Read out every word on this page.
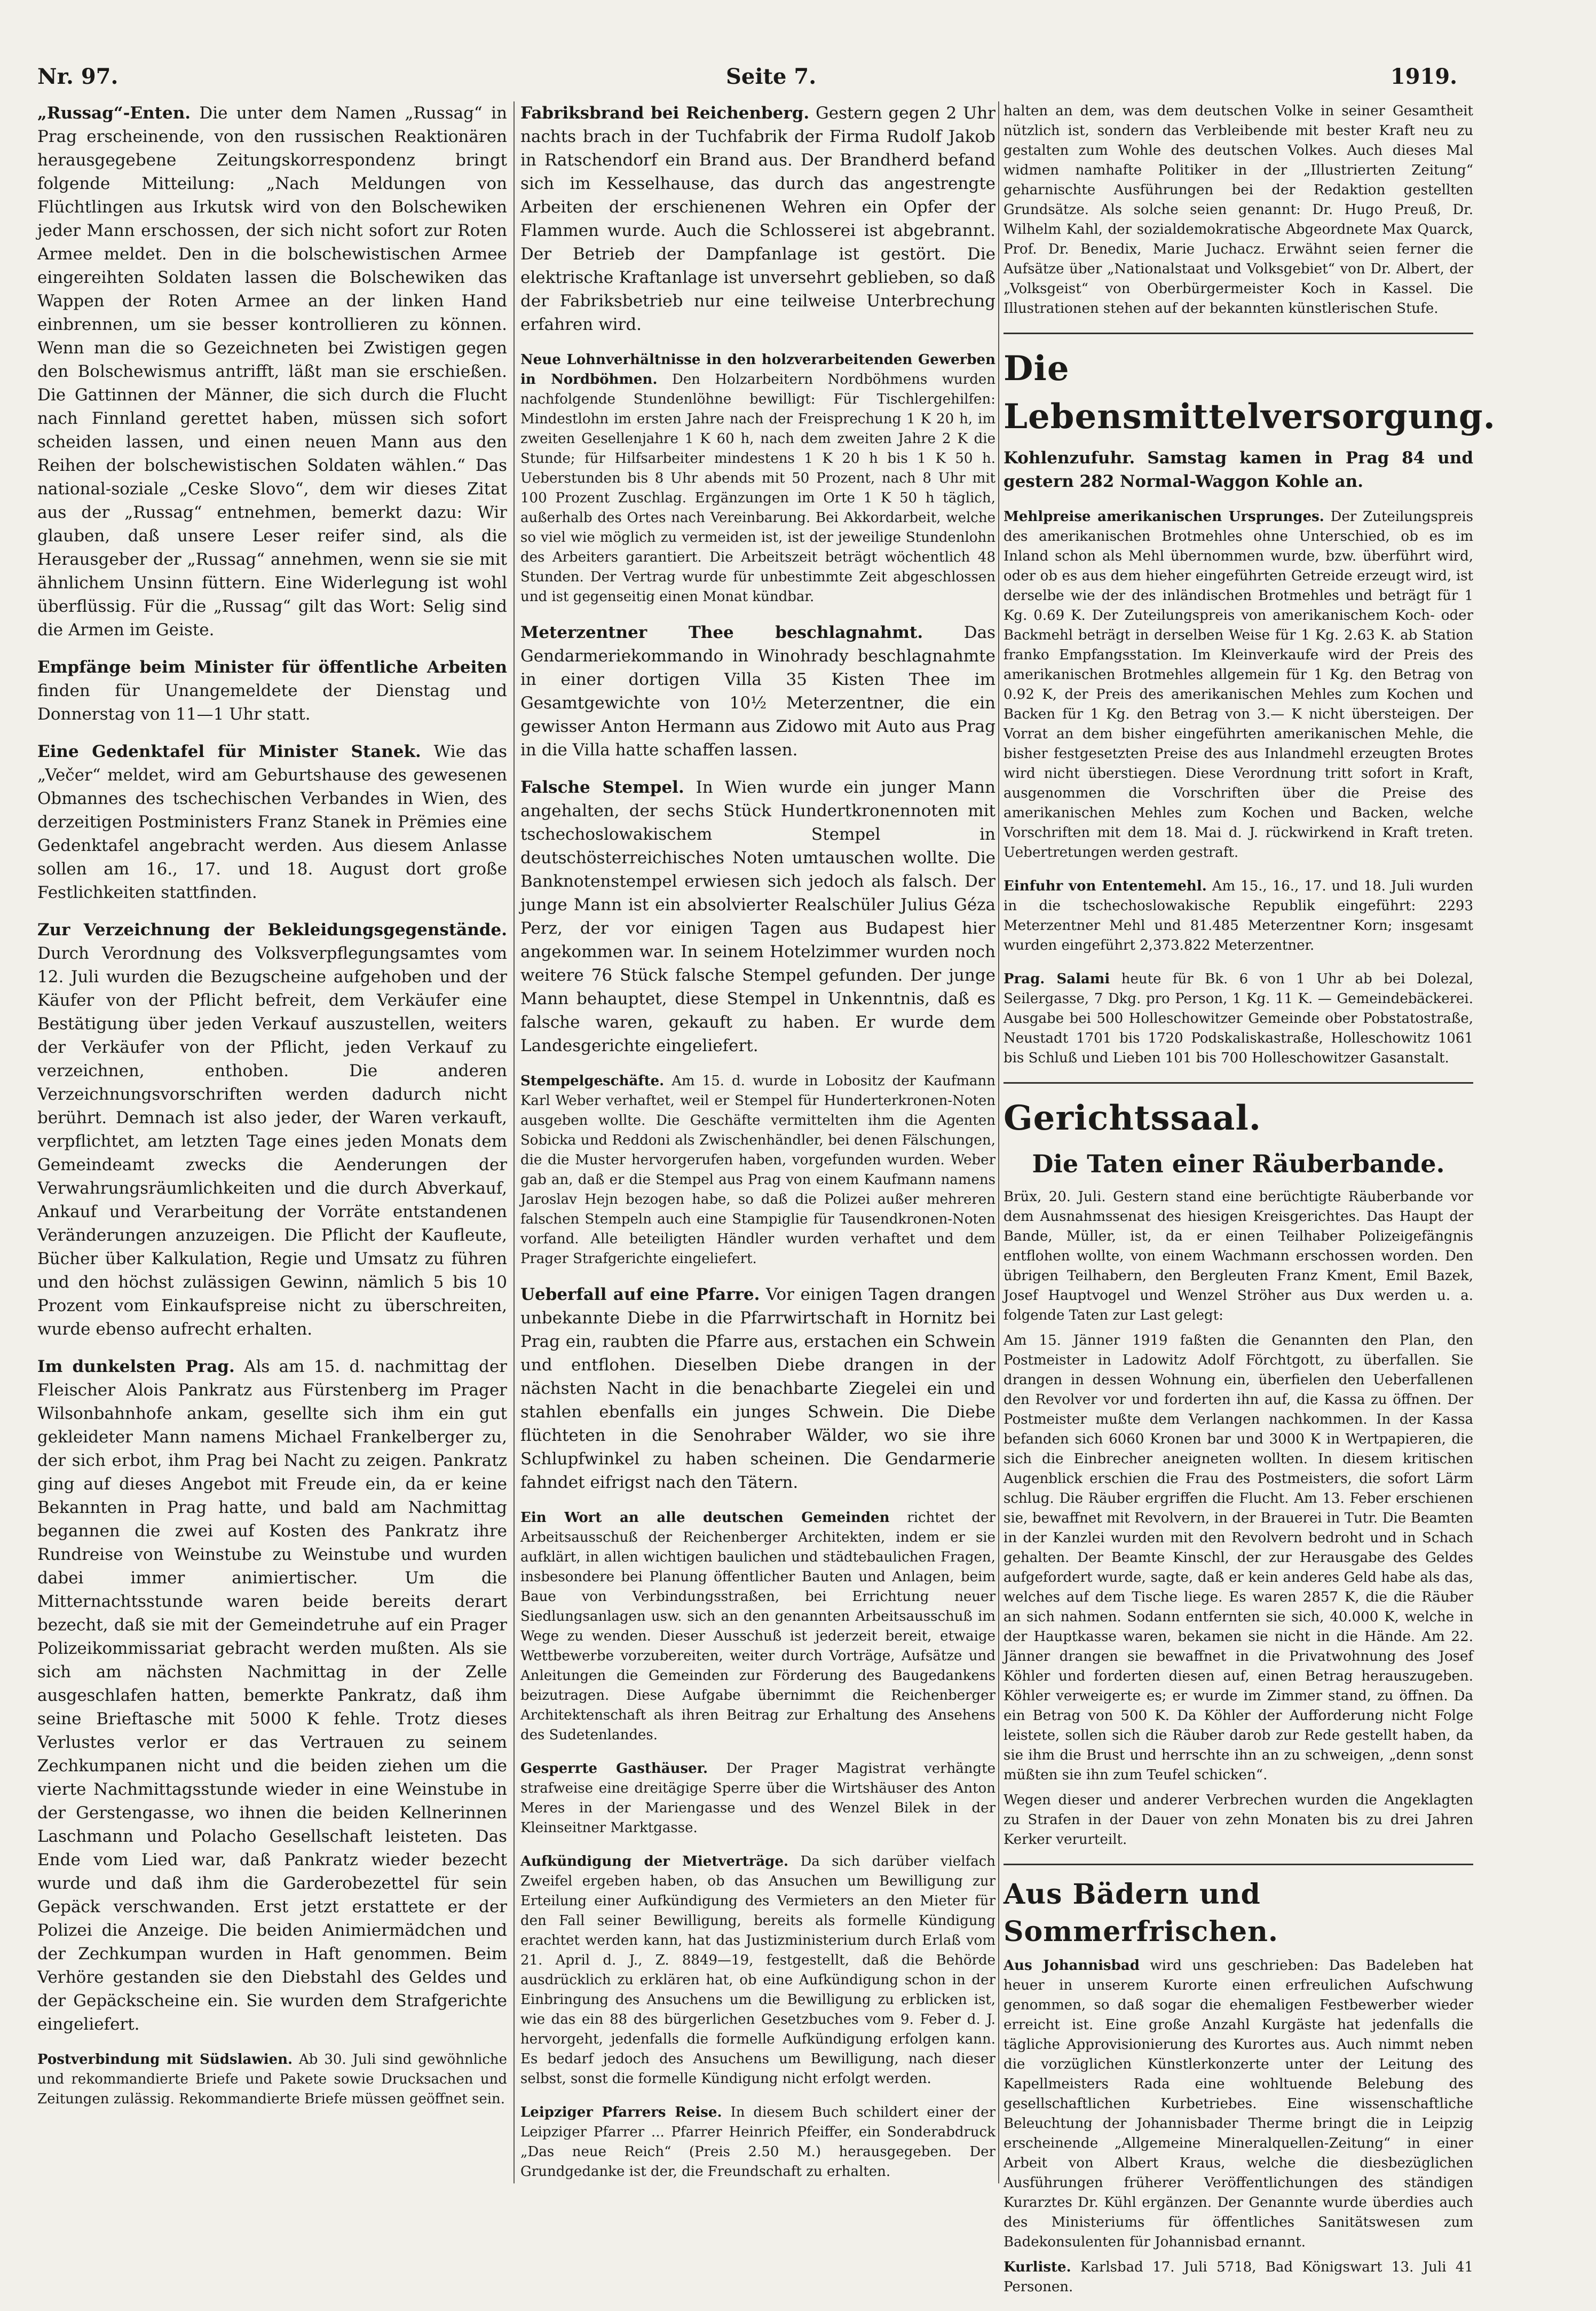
Nr. 97.	Seite 7.	1919.

„Russag“-Enten. Die unter dem Namen „Russag“ in Prag erscheinende, von den russischen Reaktionären herausgegebene Zeitungskorrespondenz bringt folgende Mitteilung: „Nach Meldungen von Flüchtlingen aus Irkutsk wird von den Bolschewiken jeder Mann erschossen, der sich nicht sofort zur Roten Armee meldet. Den in die bolschewistischen Armee eingereihten Soldaten lassen die Bolschewiken das Wappen der Roten Armee an der linken Hand einbrennen, um sie besser kontrollieren zu können. Wenn man die so Gezeichneten bei Zwistigen gegen den Bolschewismus antrifft, läßt man sie erschießen. Die Gattinnen der Männer, die sich durch die Flucht nach Finnland gerettet haben, müssen sich sofort scheiden lassen, und einen neuen Mann aus den Reihen der bolschewistischen Soldaten wählen.“ Das national-soziale „Ceske Slovo“, dem wir dieses Zitat aus der „Russag“ entnehmen, bemerkt dazu: Wir glauben, daß unsere Leser reifer sind, als die Herausgeber der „Russag“ annehmen, wenn sie sie mit ähnlichem Unsinn füttern. Eine Widerlegung ist wohl überflüssig. Für die „Russag“ gilt das Wort: Selig sind die Armen im Geiste.

Empfänge beim Minister für öffentliche Arbeiten finden für Unangemeldete der Dienstag und Donnerstag von 11—1 Uhr statt.

Eine Gedenktafel für Minister Stanek. Wie das „Večer“ meldet, wird am Geburtshause des gewesenen Obmannes des tschechischen Verbandes in Wien, des derzeitigen Postministers Franz Stanek in Prëmies eine Gedenktafel angebracht werden. Aus diesem Anlasse sollen am 16., 17. und 18. August dort große Festlichkeiten stattfinden.

Zur Verzeichnung der Bekleidungsgegenstände. Durch Verordnung des Volksverpflegungsamtes vom 12. Juli wurden die Bezugscheine aufgehoben und der Käufer von der Pflicht befreit, dem Verkäufer eine Bestätigung über jeden Verkauf auszustellen, weiters der Verkäufer von der Pflicht, jeden Verkauf zu verzeichnen, enthoben. Die anderen Verzeichnungsvorschriften werden dadurch nicht berührt. Demnach ist also jeder, der Waren verkauft, verpflichtet, am letzten Tage eines jeden Monats dem Gemeindeamt zwecks die Aenderungen der Verwahrungsräumlichkeiten und die durch Abverkauf, Ankauf und Verarbeitung der Vorräte entstandenen Veränderungen anzuzeigen. Die Pflicht der Kaufleute, Bücher über Kalkulation, Regie und Umsatz zu führen und den höchst zulässigen Gewinn, nämlich 5 bis 10 Prozent vom Einkaufspreise nicht zu überschreiten, wurde ebenso aufrecht erhalten.

Im dunkelsten Prag. Als am 15. d. nachmittag der Fleischer Alois Pankratz aus Fürstenberg im Prager Wilsonbahnhofe ankam, gesellte sich ihm ein gut gekleideter Mann namens Michael Frankelberger zu, der sich erbot, ihm Prag bei Nacht zu zeigen. Pankratz ging auf dieses Angebot mit Freude ein, da er keine Bekannten in Prag hatte, und bald am Nachmittag begannen die zwei auf Kosten des Pankratz ihre Rundreise von Weinstube zu Weinstube und wurden dabei immer animiertischer. Um die Mitternachtsstunde waren beide bereits derart bezecht, daß sie mit der Gemeindetruhe auf ein Prager Polizeikommissariat gebracht werden mußten. Als sie sich am nächsten Nachmittag in der Zelle ausgeschlafen hatten, bemerkte Pankratz, daß ihm seine Brieftasche mit 5000 K fehle. Trotz dieses Verlustes verlor er das Vertrauen zu seinem Zechkumpanen nicht und die beiden ziehen um die vierte Nachmittagsstunde wieder in eine Weinstube in der Gerstengasse, wo ihnen die beiden Kellnerinnen Laschmann und Polacho Gesellschaft leisteten. Das Ende vom Lied war, daß Pankratz wieder bezecht wurde und daß ihm die Garderobezettel für sein Gepäck verschwanden. Erst jetzt erstattete er der Polizei die Anzeige. Die beiden Animiermädchen und der Zechkumpan wurden in Haft genommen. Beim Verhöre gestanden sie den Diebstahl des Geldes und der Gepäckscheine ein. Sie wurden dem Strafgerichte eingeliefert.

Postverbindung mit Südslawien. Ab 30. Juli sind gewöhnliche und rekommandierte Briefe und Pakete sowie Drucksachen und Zeitungen zulässig. Rekommandierte Briefe müssen geöffnet sein.

Fabriksbrand bei Reichenberg. Gestern gegen 2 Uhr nachts brach in der Tuchfabrik der Firma Rudolf Jakob in Ratschendorf ein Brand aus. Der Brandherd befand sich im Kesselhause, das durch das angestrengte Arbeiten der erschienenen Wehren ein Opfer der Flammen wurde. Auch die Schlosserei ist abgebrannt. Der Betrieb der Dampfanlage ist gestört. Die elektrische Kraftanlage ist unversehrt geblieben, so daß der Fabriksbetrieb nur eine teilweise Unterbrechung erfahren wird.

Neue Lohnverhältnisse in den holzverarbeitenden Gewerben in Nordböhmen. Den Holzarbeitern Nordböhmens wurden nachfolgende Stundenlöhne bewilligt: Für Tischlergehilfen: Mindestlohn im ersten Jahre nach der Freisprechung 1 K 20 h, im zweiten Gesellenjahre 1 K 60 h, nach dem zweiten Jahre 2 K die Stunde; für Hilfsarbeiter mindestens 1 K 20 h bis 1 K 50 h. Ueberstunden bis 8 Uhr abends mit 50 Prozent, nach 8 Uhr mit 100 Prozent Zuschlag. Ergänzungen im Orte 1 K 50 h täglich, außerhalb des Ortes nach Vereinbarung. Bei Akkordarbeit, welche so viel wie möglich zu vermeiden ist, ist der jeweilige Stundenlohn des Arbeiters garantiert. Die Arbeitszeit beträgt wöchentlich 48 Stunden. Der Vertrag wurde für unbestimmte Zeit abgeschlossen und ist gegenseitig einen Monat kündbar.

Meterzentner Thee beschlagnahmt. Das Gendarmeriekommando in Winohrady beschlagnahmte in einer dortigen Villa 35 Kisten Thee im Gesamtgewichte von 10½ Meterzentner, die ein gewisser Anton Hermann aus Zidowo mit Auto aus Prag in die Villa hatte schaffen lassen.

Falsche Stempel. In Wien wurde ein junger Mann angehalten, der sechs Stück Hundertkronennoten mit tschechoslowakischem Stempel in deutschösterreichisches Noten umtauschen wollte. Die Banknotenstempel erwiesen sich jedoch als falsch. Der junge Mann ist ein absolvierter Realschüler Julius Géza Perz, der vor einigen Tagen aus Budapest hier angekommen war. In seinem Hotelzimmer wurden noch weitere 76 Stück falsche Stempel gefunden. Der junge Mann behauptet, diese Stempel in Unkenntnis, daß es falsche waren, gekauft zu haben. Er wurde dem Landesgerichte eingeliefert.

Stempelgeschäfte. Am 15. d. wurde in Lobositz der Kaufmann Karl Weber verhaftet, weil er Stempel für Hunderterkronen-Noten ausgeben wollte. Die Geschäfte vermittelten ihm die Agenten Sobicka und Reddoni als Zwischenhändler, bei denen Fälschungen, die die Muster hervorgerufen haben, vorgefunden wurden. Weber gab an, daß er die Stempel aus Prag von einem Kaufmann namens Jaroslav Hejn bezogen habe, so daß die Polizei außer mehreren falschen Stempeln auch eine Stampiglie für Tausendkronen-Noten vorfand. Alle beteiligten Händler wurden verhaftet und dem Prager Strafgerichte eingeliefert.

Ueberfall auf eine Pfarre. Vor einigen Tagen drangen unbekannte Diebe in die Pfarrwirtschaft in Hornitz bei Prag ein, raubten die Pfarre aus, erstachen ein Schwein und entflohen. Dieselben Diebe drangen in der nächsten Nacht in die benachbarte Ziegelei ein und stahlen ebenfalls ein junges Schwein. Die Diebe flüchteten in die Senohraber Wälder, wo sie ihre Schlupfwinkel zu haben scheinen. Die Gendarmerie fahndet eifrigst nach den Tätern.

Ein Wort an alle deutschen Gemeinden richtet der Arbeitsausschuß der Reichenberger Architekten, indem er sie aufklärt, in allen wichtigen baulichen und städtebaulichen Fragen, insbesondere bei Planung öffentlicher Bauten und Anlagen, beim Baue von Verbindungsstraßen, bei Errichtung neuer Siedlungsanlagen usw. sich an den genannten Arbeitsausschuß im Wege zu wenden. Dieser Ausschuß ist jederzeit bereit, etwaige Wettbewerbe vorzubereiten, weiter durch Vorträge, Aufsätze und Anleitungen die Gemeinden zur Förderung des Baugedankens beizutragen. Diese Aufgabe übernimmt die Reichenberger Architektenschaft als ihren Beitrag zur Erhaltung des Ansehens des Sudetenlandes.

Gesperrte Gasthäuser. Der Prager Magistrat verhängte strafweise eine dreitägige Sperre über die Wirtshäuser des Anton Meres in der Mariengasse und des Wenzel Bilek in der Kleinseitner Marktgasse.

Aufkündigung der Mietverträge. Da sich darüber vielfach Zweifel ergeben haben, ob das Ansuchen um Bewilligung zur Erteilung einer Aufkündigung des Vermieters an den Mieter für den Fall seiner Bewilligung, bereits als formelle Kündigung erachtet werden kann, hat das Justizministerium durch Erlaß vom 21. April d. J., Z. 8849—19, festgestellt, daß die Behörde ausdrücklich zu erklären hat, ob eine Aufkündigung schon in der Einbringung des Ansuchens um die Bewilligung zu erblicken ist, wie das ein 88 des bürgerlichen Gesetzbuches vom 9. Feber d. J. hervorgeht, jedenfalls die formelle Aufkündigung erfolgen kann. Es bedarf jedoch des Ansuchens um Bewilligung, nach dieser selbst, sonst die formelle Kündigung nicht erfolgt werden.

Leipziger Pfarrers Reise. In diesem Buch schildert einer der Leipziger Pfarrer ... Pfarrer Heinrich Pfeiffer, ein Sonderabdruck „Das neue Reich“ (Preis 2.50 M.) herausgegeben. Der Grundgedanke ist der, die Freundschaft zu erhalten.

halten an dem, was dem deutschen Volke in seiner Gesamtheit nützlich ist, sondern das Verbleibende mit bester Kraft neu zu gestalten zum Wohle des deutschen Volkes. Auch dieses Mal widmen namhafte Politiker in der „Illustrierten Zeitung“ geharnischte Ausführungen bei der Redaktion gestellten Grundsätze. Als solche seien genannt: Dr. Hugo Preuß, Dr. Wilhelm Kahl, der sozialdemokratische Abgeordnete Max Quarck, Prof. Dr. Benedix, Marie Juchacz. Erwähnt seien ferner die Aufsätze über „Nationalstaat und Volksgebiet“ von Dr. Albert, der „Volksgeist“ von Oberbürgermeister Koch in Kassel. Die Illustrationen stehen auf der bekannten künstlerischen Stufe.

Die Lebensmittelversorgung.

Kohlenzufuhr. Samstag kamen in Prag 84 und gestern 282 Normal-Waggon Kohle an.

Mehlpreise amerikanischen Ursprunges. Der Zuteilungspreis des amerikanischen Brotmehles ohne Unterschied, ob es im Inland schon als Mehl übernommen wurde, bzw. überführt wird, oder ob es aus dem hieher eingeführten Getreide erzeugt wird, ist derselbe wie der des inländischen Brotmehles und beträgt für 1 Kg. 0.69 K. Der Zuteilungspreis von amerikanischem Koch- oder Backmehl beträgt in derselben Weise für 1 Kg. 2.63 K. ab Station franko Empfangsstation. Im Kleinverkaufe wird der Preis des amerikanischen Brotmehles allgemein für 1 Kg. den Betrag von 0.92 K, der Preis des amerikanischen Mehles zum Kochen und Backen für 1 Kg. den Betrag von 3.— K nicht übersteigen. Der Vorrat an dem bisher eingeführten amerikanischen Mehle, die bisher festgesetzten Preise des aus Inlandmehl erzeugten Brotes wird nicht überstiegen. Diese Verordnung tritt sofort in Kraft, ausgenommen die Vorschriften über die Preise des amerikanischen Mehles zum Kochen und Backen, welche Vorschriften mit dem 18. Mai d. J. rückwirkend in Kraft treten. Uebertretungen werden gestraft.

Einfuhr von Ententemehl. Am 15., 16., 17. und 18. Juli wurden in die tschechoslowakische Republik eingeführt: 2293 Meterzentner Mehl und 81.485 Meterzentner Korn; insgesamt wurden eingeführt 2,373.822 Meterzentner.

Prag. Salami heute für Bk. 6 von 1 Uhr ab bei Dolezal, Seilergasse, 7 Dkg. pro Person, 1 Kg. 11 K. — Gemeindebäckerei. Ausgabe bei 500 Holleschowitzer Gemeinde ober Pobstatostraße, Neustadt 1701 bis 1720 Podskaliskastraße, Holleschowitz 1061 bis Schluß und Lieben 101 bis 700 Holleschowitzer Gasanstalt.

Gerichtssaal.
Die Taten einer Räuberbande.

Brüx, 20. Juli. Gestern stand eine berüchtigte Räuberbande vor dem Ausnahmssenat des hiesigen Kreisgerichtes. Das Haupt der Bande, Müller, ist, da er einen Teilhaber Polizeigefängnis entflohen wollte, von einem Wachmann erschossen worden. Den übrigen Teilhabern, den Bergleuten Franz Kment, Emil Bazek, Josef Hauptvogel und Wenzel Ströher aus Dux werden u. a. folgende Taten zur Last gelegt:

Am 15. Jänner 1919 faßten die Genannten den Plan, den Postmeister in Ladowitz Adolf Förchtgott, zu überfallen. Sie drangen in dessen Wohnung ein, überfielen den Ueberfallenen den Revolver vor und forderten ihn auf, die Kassa zu öffnen. Der Postmeister mußte dem Verlangen nachkommen. In der Kassa befanden sich 6060 Kronen bar und 3000 K in Wertpapieren, die sich die Einbrecher aneigneten wollten. In diesem kritischen Augenblick erschien die Frau des Postmeisters, die sofort Lärm schlug. Die Räuber ergriffen die Flucht. Am 13. Feber erschienen sie, bewaffnet mit Revolvern, in der Brauerei in Tutr. Die Beamten in der Kanzlei wurden mit den Revolvern bedroht und in Schach gehalten. Der Beamte Kinschl, der zur Herausgabe des Geldes aufgefordert wurde, sagte, daß er kein anderes Geld habe als das, welches auf dem Tische liege. Es waren 2857 K, die die Räuber an sich nahmen. Sodann entfernten sie sich, 40.000 K, welche in der Hauptkasse waren, bekamen sie nicht in die Hände. Am 22. Jänner drangen sie bewaffnet in die Privatwohnung des Josef Köhler und forderten diesen auf, einen Betrag herauszugeben. Köhler verweigerte es; er wurde im Zimmer stand, zu öffnen. Da ein Betrag von 500 K. Da Köhler der Aufforderung nicht Folge leistete, sollen sich die Räuber darob zur Rede gestellt haben, da sie ihm die Brust und herrschte ihn an zu schweigen, „denn sonst müßten sie ihn zum Teufel schicken“.

Wegen dieser und anderer Verbrechen wurden die Angeklagten zu Strafen in der Dauer von zehn Monaten bis zu drei Jahren Kerker verurteilt.

Aus Bädern und Sommerfrischen.

Aus Johannisbad wird uns geschrieben: Das Badeleben hat heuer in unserem Kurorte einen erfreulichen Aufschwung genommen, so daß sogar die ehemaligen Festbewerber wieder erreicht ist. Eine große Anzahl Kurgäste hat jedenfalls die tägliche Approvisionierung des Kurortes aus. Auch nimmt neben die vorzüglichen Künstlerkonzerte unter der Leitung des Kapellmeisters Rada eine wohltuende Belebung des gesellschaftlichen Kurbetriebes. Eine wissenschaftliche Beleuchtung der Johannisbader Therme bringt die in Leipzig erscheinende „Allgemeine Mineralquellen-Zeitung“ in einer Arbeit von Albert Kraus, welche die diesbezüglichen Ausführungen früherer Veröffentlichungen des ständigen Kurarztes Dr. Kühl ergänzen. Der Genannte wurde überdies auch des Ministeriums für öffentliches Sanitätswesen zum Badekonsulenten für Johannisbad ernannt.

Kurliste. Karlsbad 17. Juli 5718, Bad Königswart 13. Juli 41 Personen.
